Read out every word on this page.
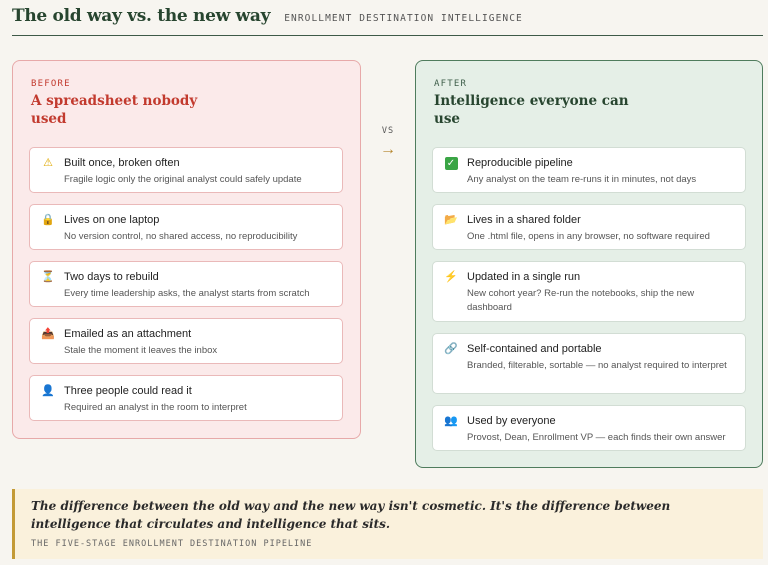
The old way vs. the new way ENROLLMENT DESTINATION INTELLIGENCE
BEFORE
A spreadsheet nobody used
⚠ Built once, broken often
Fragile logic only the original analyst could safely update
🔒 Lives on one laptop
No version control, no shared access, no reproducibility
⏳ Two days to rebuild
Every time leadership asks, the analyst starts from scratch
📤 Emailed as an attachment
Stale the moment it leaves the inbox
👤 Three people could read it
Required an analyst in the room to interpret
VS
→
AFTER
Intelligence everyone can use
✓	Reproducible pipeline
Any analyst on the team re-runs it in minutes, not days
📂 Lives in a shared folder
One .html file, opens in any browser, no software required
⚡ Updated in a single run
New cohort year? Re-run the notebooks, ship the new dashboard
🔗 Self-contained and portable
Branded, filterable, sortable — no analyst required to interpret
👥 Used by everyone
Provost, Dean, Enrollment VP — each finds their own answer

The difference between the old way and the new way isn't cosmetic. It's the difference between intelligence that circulates and intelligence that sits.

THE FIVE-STAGE ENROLLMENT DESTINATION PIPELINE
